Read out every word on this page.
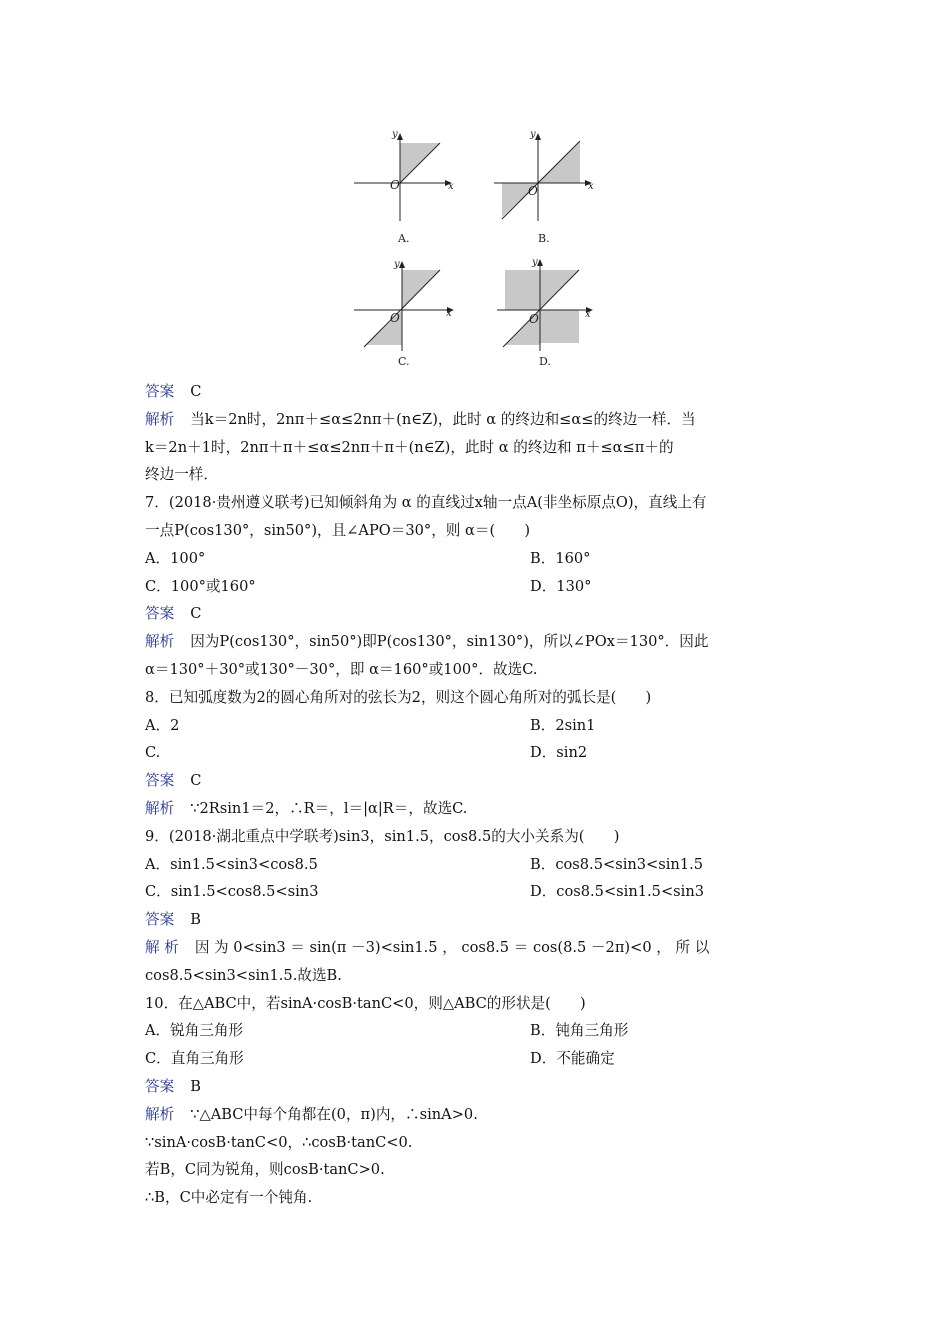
x
y
O
A.
x
y
O
B.
x
y
O
C.
x
y
O
D.
答案 C
解析 当k＝2n时，2nπ＋≤α≤2nπ＋(n∈Z)，此时 α 的终边和≤α≤的终边一样．当
k＝2n＋1时，2nπ＋π＋≤α≤2nπ＋π＋(n∈Z)，此时 α 的终边和 π＋≤α≤π＋的
终边一样．
7．(2018·贵州遵义联考)已知倾斜角为 α 的直线过x轴一点A(非坐标原点O)，直线上有
一点P(cos130°，sin50°)，且∠APO＝30°，则 α＝(　　)
A．100°	B．160°
C．100°或160°	D．130°
答案 C
解析 因为P(cos130°，sin50°)即P(cos130°，sin130°)，所以∠POx＝130°．因此
α＝130°＋30°或130°－30°，即 α＝160°或100°．故选C.
8．已知弧度数为2的圆心角所对的弦长为2，则这个圆心角所对的弧长是(　　)
A．2	B．2sin1
C.	D．sin2
答案 C
解析 ∵2Rsin1＝2，∴R＝，l＝|α|R＝，故选C.
9．(2018·湖北重点中学联考)sin3，sin1.5，cos8.5的大小关系为(　　)
A．sin1.5<sin3<cos8.5	B．cos8.5<sin3<sin1.5
C．sin1.5<cos8.5<sin3	D．cos8.5<sin1.5<sin3
答案 B
解 析 因 为 0<sin3 ＝ sin(π －3)<sin1.5 ， cos8.5 ＝ cos(8.5 －2π)<0 ， 所 以
cos8.5<sin3<sin1.5.故选B.
10．在△ABC中，若sinA·cosB·tanC<0，则△ABC的形状是(　　)
A．锐角三角形	B．钝角三角形
C．直角三角形	D．不能确定
答案 B
解析 ∵△ABC中每个角都在(0，π)内，∴sinA>0.
∵sinA·cosB·tanC<0，∴cosB·tanC<0.
若B，C同为锐角，则cosB·tanC>0.
∴B，C中必定有一个钝角.
